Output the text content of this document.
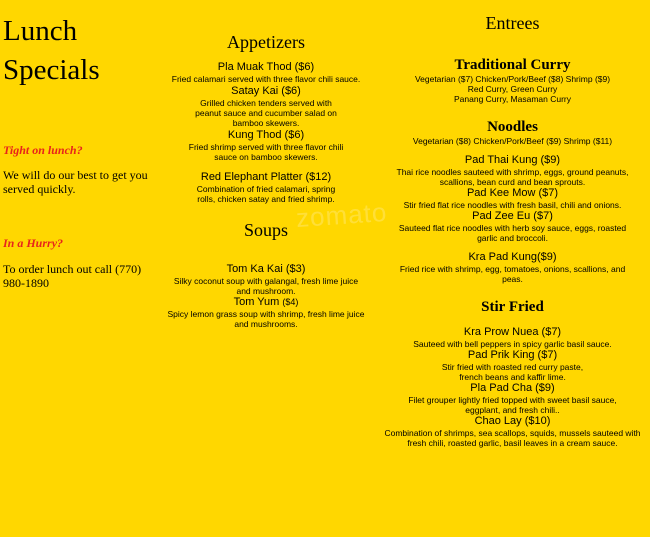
Lunch Specials
Tight on lunch?
We will do our best to get you served quickly.
In a Hurry?
To order lunch out call (770) 980-1890
Appetizers
Pla Muak Thod ($6)
Fried calamari served with three flavor chili sauce.
Satay Kai ($6)
Grilled chicken tenders served with peanut sauce and cucumber salad on bamboo skewers.
Kung Thod ($6)
Fried shrimp served with three flavor chili sauce on bamboo skewers.
Red Elephant Platter ($12)
Combination of fried calamari, spring rolls, chicken satay and fried shrimp.
Soups
Tom Ka Kai ($3)
Silky coconut soup with galangal, fresh lime juice and mushroom.
Tom Yum ($4)
Spicy lemon grass soup with shrimp, fresh lime juice and mushrooms.
Entrees
Traditional Curry
Vegetarian ($7) Chicken/Pork/Beef ($8) Shrimp ($9)
Red Curry, Green Curry
Panang Curry, Masaman Curry
Noodles
Vegetarian ($8) Chicken/Pork/Beef ($9) Shrimp ($11)
Pad Thai Kung ($9)
Thai rice noodles sauteed with shrimp, eggs, ground peanuts, scallions, bean curd and bean sprouts.
Pad Kee Mow ($7)
Stir fried flat rice noodles with fresh basil, chili and onions.
Pad Zee Eu ($7)
Sauteed flat rice noodles with herb soy sauce, eggs, roasted garlic and broccoli.
Kra Pad Kung($9)
Fried rice with shrimp, egg, tomatoes, onions, scallions, and peas.
Stir Fried
Kra Prow Nuea ($7)
Sauteed with bell peppers in spicy garlic basil sauce.
Pad Prik King ($7)
Stir fried with roasted red curry paste, french beans and kaffir lime.
Pla Pad Cha ($9)
Filet grouper lightly fried topped with sweet basil sauce, eggplant, and fresh chili..
Chao Lay ($10)
Combination of shrimps, sea scallops, squids, mussels sauteed with fresh chili, roasted garlic, basil leaves in a cream sauce.
zomato
